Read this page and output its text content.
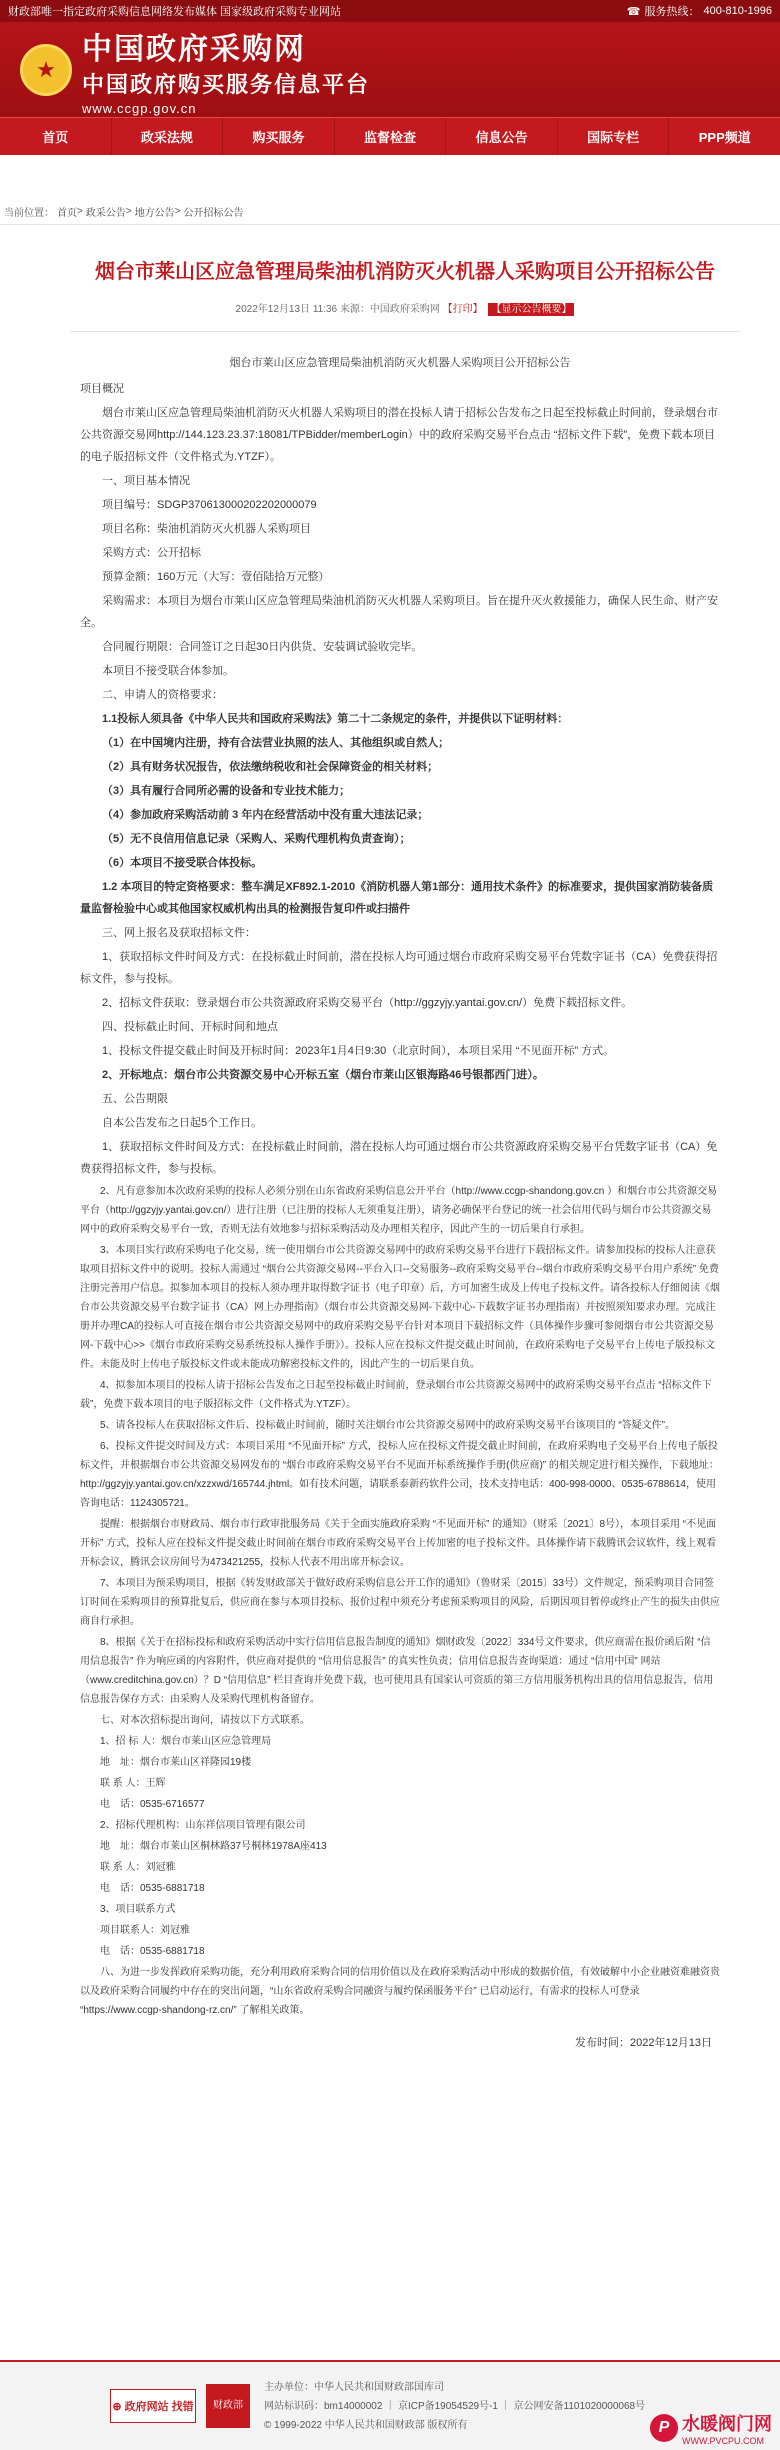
财政部唯一指定政府采购信息网络发布媒体 国家级政府采购专业网站	☎ 服务热线： 400-810-1996
★
中国政府采购网
中国政府购买服务信息平台
www.ccgp.gov.cn
首页	政采法规	购买服务	监督检查	信息公告	国际专栏	PPP频道
当前位置： 首页 > 政采公告 > 地方公告 > 公开招标公告
烟台市莱山区应急管理局柴油机消防灭火机器人采购项目公开招标公告
2022年12月13日 11:36 来源：中国政府采购网 【打印】 【显示公告概要】
烟台市莱山区应急管理局柴油机消防灭火机器人采购项目公开招标公告
项目概况
烟台市莱山区应急管理局柴油机消防灭火机器人采购项目的潜在投标人请于招标公告发布之日起至投标截止时间前，登录烟台市公共资源交易网http://144.123.23.37:18081/TPBidder/memberLogin）中的政府采购交易平台点击 “招标文件下载”，免费下载本项目的电子版招标文件（文件格式为.YTZF）。
一、项目基本情况
项目编号：SDGP370613000202202000079
项目名称：柴油机消防灭火机器人采购项目
采购方式：公开招标
预算金额：160万元（大写：壹佰陆拾万元整）
采购需求：本项目为烟台市莱山区应急管理局柴油机消防灭火机器人采购项目。旨在提升灭火救援能力，确保人民生命、财产安全。
合同履行期限：合同签订之日起30日内供货、安装调试验收完毕。
本项目不接受联合体参加。
二、申请人的资格要求：
1.1投标人须具备《中华人民共和国政府采购法》第二十二条规定的条件，并提供以下证明材料：
（1）在中国境内注册，持有合法营业执照的法人、其他组织或自然人；
（2）具有财务状况报告，依法缴纳税收和社会保障资金的相关材料；
（3）具有履行合同所必需的设备和专业技术能力；
（4）参加政府采购活动前 3 年内在经营活动中没有重大违法记录；
（5）无不良信用信息记录（采购人、采购代理机构负责查询）；
（6）本项目不接受联合体投标。
1.2 本项目的特定资格要求：整车满足XF892.1-2010《消防机器人第1部分：通用技术条件》的标准要求，提供国家消防装备质量监督检验中心或其他国家权威机构出具的检测报告复印件或扫描件
三、网上报名及获取招标文件：
1、获取招标文件时间及方式：在投标截止时间前，潜在投标人均可通过烟台市政府采购交易平台凭数字证书（CA）免费获得招标文件，参与投标。
2、招标文件获取：登录烟台市公共资源政府采购交易平台（http://ggzyjy.yantai.gov.cn/）免费下载招标文件。
四、投标截止时间、开标时间和地点
1、投标文件提交截止时间及开标时间：2023年1月4日9:30（北京时间），本项目采用 “不见面开标” 方式。
2、开标地点：烟台市公共资源交易中心开标五室（烟台市莱山区银海路46号银都西门进）。
五、公告期限
自本公告发布之日起5个工作日。
1、获取招标文件时间及方式：在投标截止时间前，潜在投标人均可通过烟台市公共资源政府采购交易平台凭数字证书（CA）免费获得招标文件，参与投标。
2、凡有意参加本次政府采购的投标人必须分别在山东省政府采购信息公开平台（http://www.ccgp-shandong.gov.cn ）和烟台市公共资源交易平台（http://ggzyjy.yantai.gov.cn/）进行注册（已注册的投标人无须重复注册），请务必确保平台登记的统一社会信用代码与烟台市公共资源交易网中的政府采购交易平台一致，否则无法有效地参与招标采购活动及办理相关程序，因此产生的一切后果自行承担。
3、本项目实行政府采购电子化交易，统一使用烟台市公共资源交易网中的政府采购交易平台进行下载招标文件。请参加投标的投标人注意获取项目招标文件中的说明。投标人需通过 “烟台公共资源交易网--平台入口--交易服务--政府采购交易平台--烟台市政府采购交易平台用户系统” 免费注册完善用户信息。拟参加本项目的投标人须办理并取得数字证书（电子印章）后，方可加密生成及上传电子投标文件。请各投标人仔细阅读《烟台市公共资源交易平台数字证书（CA）网上办理指南》（烟台市公共资源交易网-下载中心-下载数字证书办理指南）并按照须知要求办理。完成注册并办理CA的投标人可直接在烟台市公共资源交易网中的政府采购交易平台针对本项目下载招标文件（具体操作步骤可参阅烟台市公共资源交易网-下载中心>>《烟台市政府采购交易系统投标人操作手册》）。投标人应在投标文件提交截止时间前，在政府采购电子交易平台上传电子版投标文件。未能及时上传电子版投标文件或未能成功解密投标文件的，因此产生的一切后果自负。
4、拟参加本项目的投标人请于招标公告发布之日起至投标截止时间前，登录烟台市公共资源交易网中的政府采购交易平台点击 “招标文件下载”，免费下载本项目的电子版招标文件（文件格式为.YTZF）。
5、请各投标人在获取招标文件后、投标截止时间前，随时关注烟台市公共资源交易网中的政府采购交易平台该项目的 “答疑文件”。
6、投标文件提交时间及方式：本项目采用 “不见面开标” 方式，投标人应在投标文件提交截止时间前，在政府采购电子交易平台上传电子版投标文件，并根据烟台市公共资源交易网发布的 “烟台市政府采购交易平台不见面开标系统操作手册(供应商)” 的相关规定进行相关操作，下载地址：http://ggzyjy.yantai.gov.cn/xzzxwd/165744.jhtml。如有技术问题，请联系泰新药软件公司，技术支持电话：400-998-0000、0535-6788614，使用咨询电话：1124305721。
提醒：根据烟台市财政局、烟台市行政审批服务局《关于全面实施政府采购 “不见面开标” 的通知》（财采〔2021〕8号），本项目采用 “不见面开标” 方式，投标人应在投标文件提交截止时间前在烟台市政府采购交易平台上传加密的电子投标文件。具体操作请下载腾讯会议软件，线上观看开标会议，腾讯会议房间号为473421255，投标人代表不用出席开标会议。
7、本项目为预采购项目，根据《转发财政部关于做好政府采购信息公开工作的通知》（鲁财采〔2015〕33号）文件规定，预采购项目合同签订时间在采购项目的预算批复后，供应商在参与本项目投标、报价过程中须充分考虑预采购项目的风险，后期因项目暂停或终止产生的损失由供应商自行承担。
8、根据《关于在招标投标和政府采购活动中实行信用信息报告制度的通知》烟财政发〔2022〕334号文件要求，供应商需在报价函后附 “信用信息报告” 作为响应函的内容附件，供应商对提供的 “信用信息报告” 的真实性负责；信用信息报告查询渠道：通过 “信用中国” 网站（www.creditchina.gov.cn）？D “信用信息” 栏目查询并免费下载，也可使用具有国家认可资质的第三方信用服务机构出具的信用信息报告，信用信息报告保存方式：由采购人及采购代理机构备留存。
七、对本次招标提出询问，请按以下方式联系。
1、招 标 人：烟台市莱山区应急管理局
地　址：烟台市莱山区祥隆园19楼
联 系 人：王辉
电　话：0535-6716577
2、招标代理机构：山东祥信项目管理有限公司
地　址：烟台市莱山区桐林路37号桐林1978A座413
联 系 人：刘冠雅
电　话：0535-6881718
3、项目联系方式
项目联系人：刘冠雅
电　话：0535-6881718
八、为进一步发挥政府采购功能，充分利用政府采购合同的信用价值以及在政府采购活动中形成的数据价值，有效破解中小企业融资难融资贵以及政府采购合同履约中存在的突出问题，“山东省政府采购合同融资与履约保函服务平台” 已启动运行，有需求的投标人可登录 “https://www.ccgp-shandong-rz.cn/” 了解相关政策。
发布时间：2022年12月13日
⊕ 政府网站 找错	财政部
主办单位：中华人民共和国财政部国库司
网站标识码：bm14000002 ｜ 京ICP备19054529号-1 ｜ 京公网安备1101020000068号
© 1999-2022 中华人民共和国财政部 版权所有	P 水暖阀门网
WWW.PVCPU.COM
